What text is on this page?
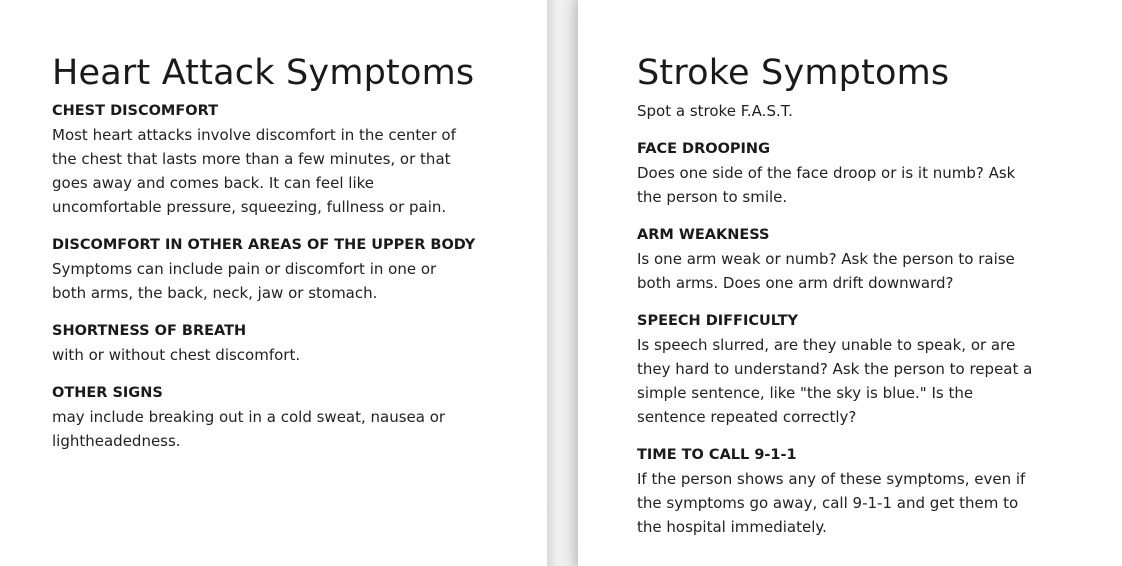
Heart Attack Symptoms
CHEST DISCOMFORT
Most heart attacks involve discomfort in the center of the chest that lasts more than a few minutes, or that goes away and comes back. It can feel like uncomfortable pressure, squeezing, fullness or pain.
DISCOMFORT IN OTHER AREAS OF THE UPPER BODY
Symptoms can include pain or discomfort in one or both arms, the back, neck, jaw or stomach.
SHORTNESS OF BREATH
with or without chest discomfort.
OTHER SIGNS
may include breaking out in a cold sweat, nausea or lightheadedness.
Stroke Symptoms
Spot a stroke F.A.S.T.
FACE DROOPING
Does one side of the face droop or is it numb? Ask the person to smile.
ARM WEAKNESS
Is one arm weak or numb? Ask the person to raise both arms. Does one arm drift downward?
SPEECH DIFFICULTY
Is speech slurred, are they unable to speak, or are they hard to understand? Ask the person to repeat a simple sentence, like "the sky is blue." Is the sentence repeated correctly?
TIME TO CALL 9-1-1
If the person shows any of these symptoms, even if the symptoms go away, call 9-1-1 and get them to the hospital immediately.
